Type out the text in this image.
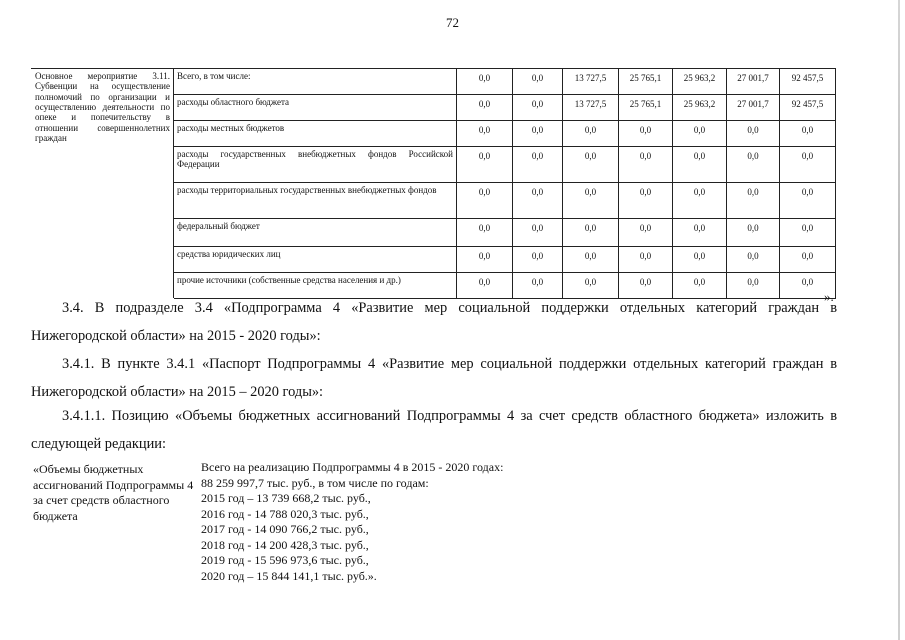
72
Основное мероприятие 3.11. Субвенции на осуществление полномочий по организации и осуществлению деятельности по опеке и попечительству в отношении совершеннолетних граждан	Всего, в том числе:	0,0	0,0	13 727,5	25 765,1	25 963,2	27 001,7	92 457,5
	расходы областного бюджета	0,0	0,0	13 727,5	25 765,1	25 963,2	27 001,7	92 457,5
	расходы местных бюджетов	0,0	0,0	0,0	0,0	0,0	0,0	0,0
	расходы государственных внебюджетных фондов Российской Федерации	0,0	0,0	0,0	0,0	0,0	0,0	0,0
	расходы территориальных государственных внебюджетных фондов	0,0	0,0	0,0	0,0	0,0	0,0	0,0
	федеральный бюджет	0,0	0,0	0,0	0,0	0,0	0,0	0,0
	средства юридических лиц	0,0	0,0	0,0	0,0	0,0	0,0	0,0
	прочие источники (собственные средства населения и др.)	0,0	0,0	0,0	0,0	0,0	0,0	0,0
».

3.4. В подразделе 3.4 «Подпрограмма 4 «Развитие мер социальной поддержки отдельных категорий граждан в Нижегородской области» на 2015 - 2020 годы»:

3.4.1. В пункте 3.4.1 «Паспорт Подпрограммы 4 «Развитие мер социальной поддержки отдельных категорий граждан в Нижегородской области» на 2015 – 2020 годы»:

3.4.1.1. Позицию «Объемы бюджетных ассигнований Подпрограммы 4 за счет средств областного бюджета» изложить в следующей редакции:

«Объемы бюджетных ассигнований Подпрограммы 4 за счет средств областного бюджета
Всего на реализацию Подпрограммы 4 в 2015 - 2020 годах:
88 259 997,7 тыс. руб., в том числе по годам:
2015 год – 13 739 668,2 тыс. руб.,
2016 год - 14 788 020,3 тыс. руб.,
2017 год - 14 090 766,2 тыс. руб.,
2018 год - 14 200 428,3 тыс. руб.,
2019 год - 15 596 973,6 тыс. руб.,
2020 год – 15 844 141,1 тыс. руб.».
